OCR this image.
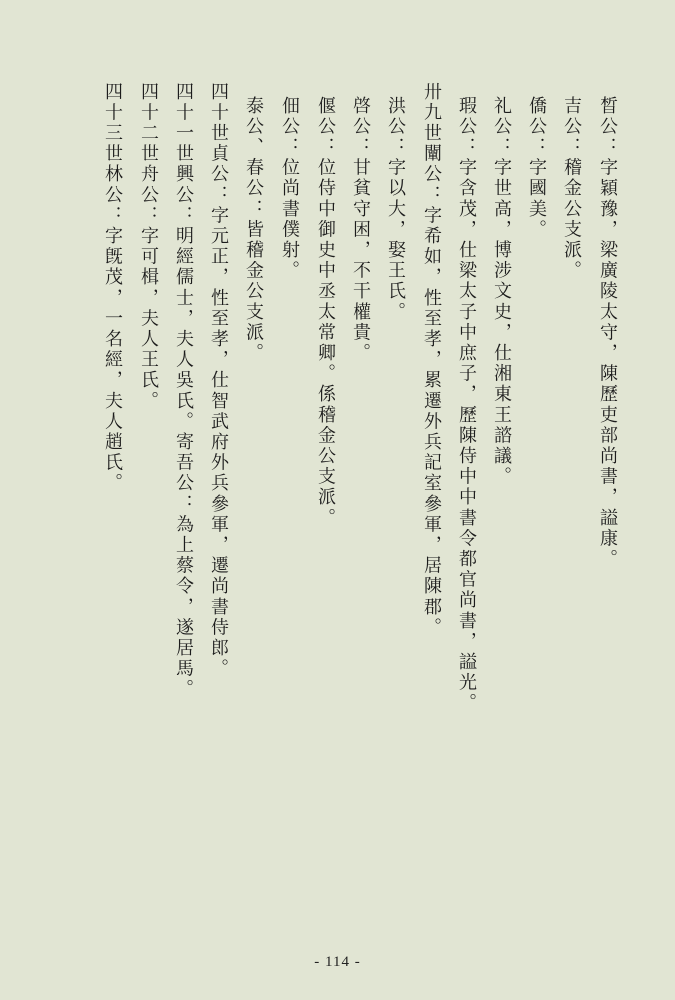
晳公：字穎豫，梁廣陵太守，陳歷吏部尚書，謚康。
吉公：稽金公支派。
僑公：字國美。
礼公：字世高，博涉文史，仕湘東王諮議。
瑕公：字含茂，仕梁太子中庶子，歷陳侍中中書令都官尚書，謚光。
卅九世闡公：字希如，性至孝，累遷外兵記室參軍，居陳郡。
洪公：字以大，娶王氏。
啓公：甘貧守困，不干權貴。
偃公：位侍中御史中丞太常卿。係稽金公支派。
佃公：位尚書僕射。
泰公、春公：皆稽金公支派。
四十世貞公：字元正，性至孝，仕智武府外兵參軍，遷尚書侍郎。
四十一世興公：明經儒士，夫人吳氏。寄吾公：為上蔡令，遂居馬。
四十二世舟公：字可楫，夫人王氏。
四十三世林公：字旣茂，一名經，夫人趙氏。
- 114 -
